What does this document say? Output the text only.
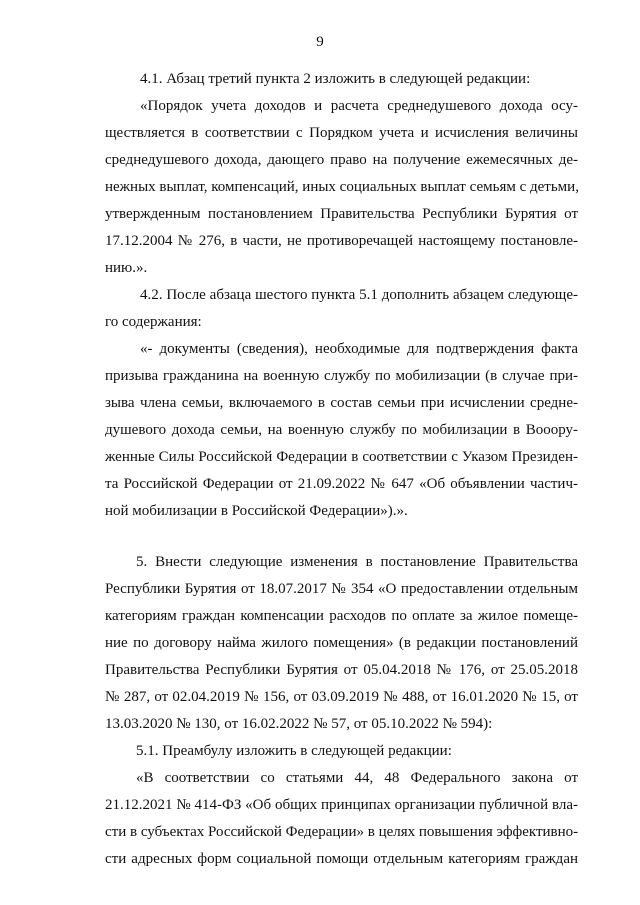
9
4.1. Абзац третий пункта 2 изложить в следующей редакции:
«Порядок учета доходов и расчета среднедушевого дохода осу-
ществляется в соответствии с Порядком учета и исчисления величины
среднедушевого дохода, дающего право на получение ежемесячных де-
нежных выплат, компенсаций, иных социальных выплат семьям с детьми,
утвержденным постановлением Правительства Республики Бурятия от
17.12.2004 № 276, в части, не противоречащей настоящему постановле-
нию.».
4.2. После абзаца шестого пункта 5.1 дополнить абзацем следующе-
го содержания:
«- документы (сведения), необходимые для подтверждения факта
призыва гражданина на военную службу по мобилизации (в случае при-
зыва члена семьи, включаемого в состав семьи при исчислении средне-
душевого дохода семьи, на военную службу по мобилизации в Вооору-
женные Силы Российской Федерации в соответствии с Указом Президен-
та Российской Федерации от 21.09.2022 № 647 «Об объявлении частич-
ной мобилизации в Российской Федерации»).».
5. Внести следующие изменения в постановление Правительства
Республики Бурятия от 18.07.2017 № 354 «О предоставлении отдельным
категориям граждан компенсации расходов по оплате за жилое помеще-
ние по договору найма жилого помещения» (в редакции постановлений
Правительства Республики Бурятия от 05.04.2018 № 176, от 25.05.2018
№ 287, от 02.04.2019 № 156, от 03.09.2019 № 488, от 16.01.2020 № 15, от
13.03.2020 № 130, от 16.02.2022 № 57, от 05.10.2022 № 594):
5.1. Преамбулу изложить в следующей редакции:
«В соответствии со статьями 44, 48 Федерального закона от
21.12.2021 № 414-ФЗ «Об общих принципах организации публичной вла-
сти в субъектах Российской Федерации» в целях повышения эффективно-
сти адресных форм социальной помощи отдельным категориям граждан
